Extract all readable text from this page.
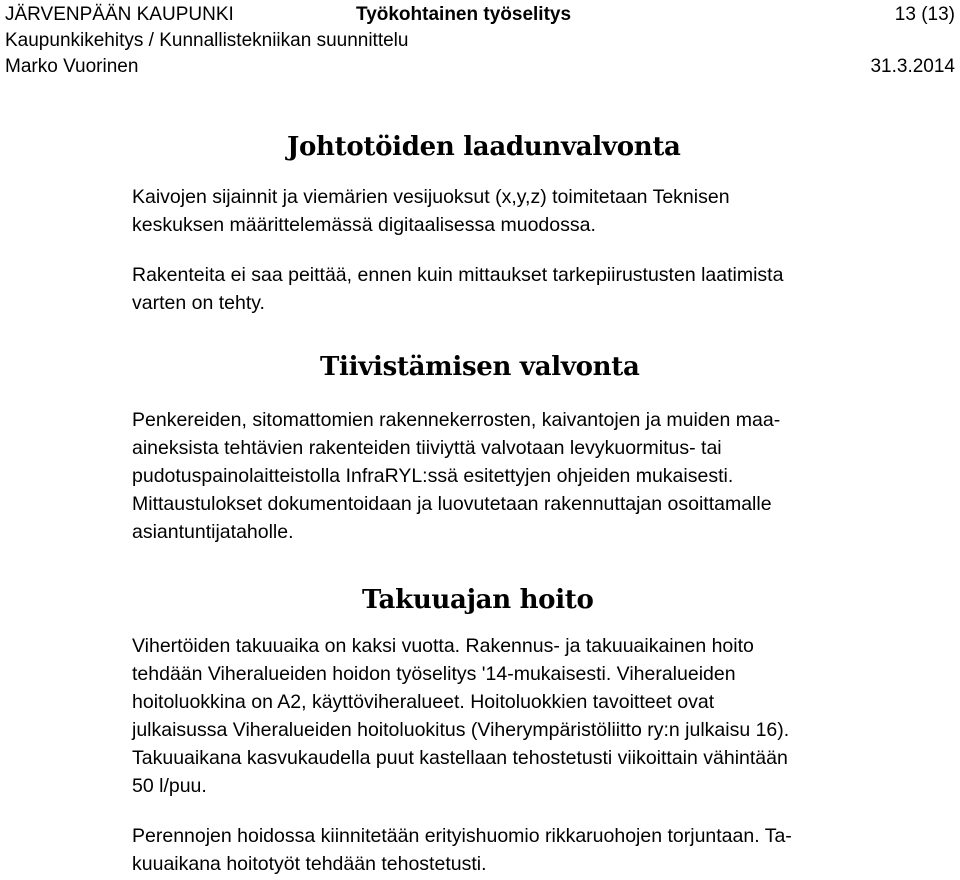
JÄRVENPÄÄN KAUPUNKI	Työkohtainen työselitys	13 (13)
Kaupunkikehitys / Kunnallistekniikan suunnittelu
Marko Vuorinen	31.3.2014
Johtotöiden laadunvalvonta
Kaivojen sijainnit ja viemärien vesijuoksut (x,y,z) toimitetaan Teknisen
keskuksen määrittelemässä digitaalisessa muodossa.
Rakenteita ei saa peittää, ennen kuin mittaukset tarkepiirustusten laatimista
varten on tehty.
Tiivistämisen valvonta
Penkereiden, sitomattomien rakennekerrosten, kaivantojen ja muiden maa-
aineksista tehtävien rakenteiden tiiviyttä valvotaan levykuormitus- tai
pudotuspainolaitteistolla InfraRYL:ssä esitettyjen ohjeiden mukaisesti.
Mittaustulokset dokumentoidaan ja luovutetaan rakennuttajan osoittamalle
asiantuntijataholle.
Takuuajan hoito
Vihertöiden takuuaika on kaksi vuotta. Rakennus- ja takuuaikainen hoito
tehdään Viheralueiden hoidon työselitys '14-mukaisesti. Viheralueiden
hoitoluokkina on A2, käyttöviheralueet. Hoitoluokkien tavoitteet ovat
julkaisussa Viheralueiden hoitoluokitus (Viherympäristöliitto ry:n julkaisu 16).
Takuuaikana kasvukaudella puut kastellaan tehostetusti viikoittain vähintään
50 l/puu.
Perennojen hoidossa kiinnitetään erityishuomio rikkaruohojen torjuntaan. Ta-
kuuaikana hoitotyöt tehdään tehostetusti.
